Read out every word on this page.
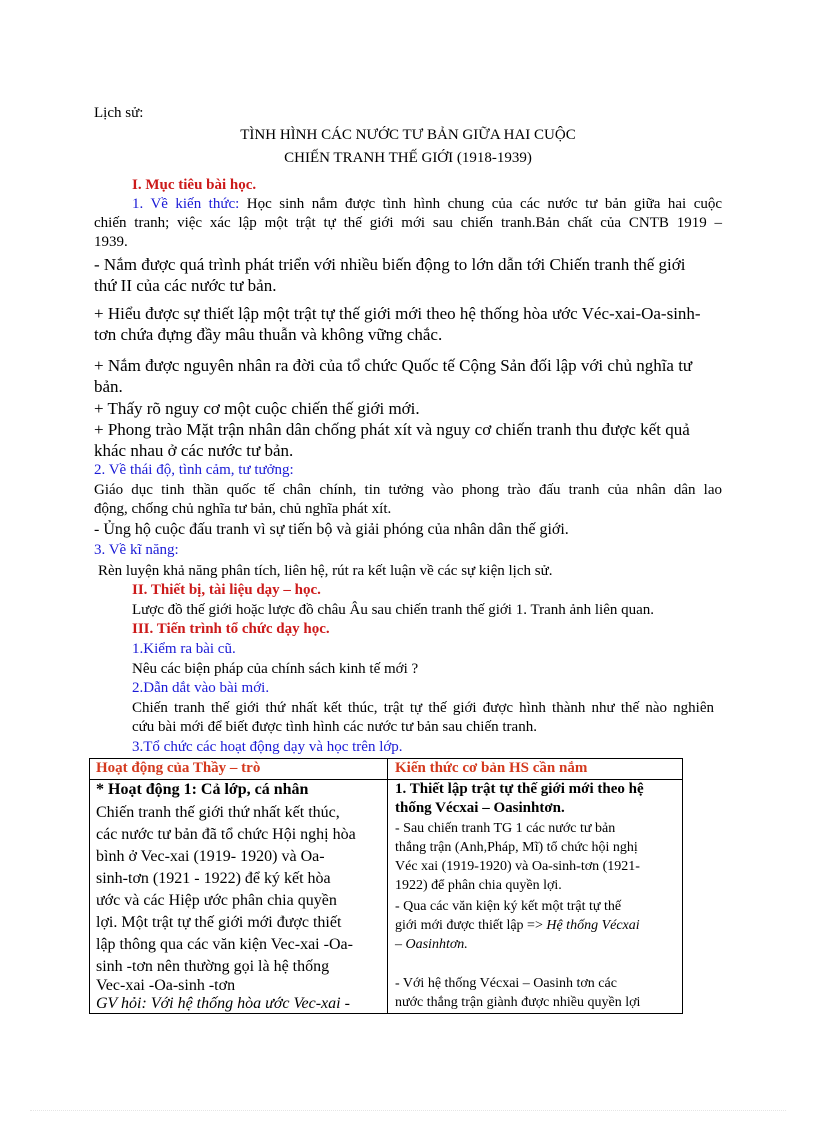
Lịch sử:
TÌNH HÌNH CÁC NƯỚC TƯ BẢN GIỮA HAI CUỘC
CHIẾN TRANH THẾ GIỚI (1918-1939)
I. Mục tiêu bài học.
1. Về kiến thức: Học sinh nắm được tình hình chung của các nước tư bản giữa hai cuộc
chiến tranh; việc xác lập một trật tự thế giới mới sau chiến tranh.Bản chất của CNTB 1919 –
1939.
- Nắm được quá trình phát triển với nhiều biến động to lớn dẫn tới Chiến tranh thế giới
thứ II của các nước tư bản.
+ Hiểu được sự thiết lập một trật tự thế giới mới theo hệ thống hòa ước Véc-xai-Oa-sinh-
tơn chứa đựng đầy mâu thuẫn và không vững chắc.
+ Nắm được nguyên nhân ra đời của tổ chức Quốc tế Cộng Sản đối lập với chủ nghĩa tư
bản.
+ Thấy rõ nguy cơ một cuộc chiến thế giới mới.
+ Phong trào Mặt trận nhân dân chống phát xít và nguy cơ chiến tranh thu được kết quả
khác nhau ở các nước tư bản.
2. Về thái độ, tình cảm, tư tưởng:
Giáo dục tinh thần quốc tế chân chính, tin tưởng vào phong trào đấu tranh của nhân dân lao
động, chống chủ nghĩa tư bản, chủ nghĩa phát xít.
- Ủng hộ cuộc đấu tranh vì sự tiến bộ và giải phóng của nhân dân thế giới.
3. Về kĩ năng:
Rèn luyện khả năng phân tích, liên hệ, rút ra kết luận về các sự kiện lịch sử.
II. Thiết bị, tài liệu dạy – học.
Lược đồ thế giới hoặc lược đồ châu Âu sau chiến tranh thế giới 1. Tranh ảnh liên quan.
III. Tiến trình tổ chức dạy học.
1.Kiểm ra bài cũ.
Nêu các biện pháp của chính sách kinh tế mới ?
2.Dẫn dắt vào bài mới.
Chiến tranh thế giới thứ nhất kết thúc, trật tự thế giới được hình thành như thế nào nghiên
cứu bài mới để biết được tình hình các nước tư bản sau chiến tranh.
3.Tổ chức các hoạt động dạy và học trên lớp.
Hoạt động của Thầy – trò	Kiến thức cơ bản HS cần nắm
* Hoạt động 1: Cả lớp, cá nhân
Chiến tranh thế giới thứ nhất kết thúc,
các nước tư bản đã tổ chức Hội nghị hòa
bình ở Vec-xai (1919- 1920) và Oa-
sinh-tơn (1921 - 1922) để ký kết hòa
ước và các Hiệp ước phân chia quyền
lợi. Một trật tự thế giới mới được thiết
lập thông qua các văn kiện Vec-xai -Oa-
sinh -tơn nên thường gọi là hệ thống
Vec-xai -Oa-sinh -tơn
GV hỏi: Với hệ thống hòa ước Vec-xai -
1. Thiết lập trật tự thế giới mới theo hệ
thống Vécxai – Oasinhtơn.
- Sau chiến tranh TG 1 các nước tư bản
thắng trận (Anh,Pháp, Mĩ) tổ chức hội nghị
Véc xai (1919-1920) và Oa-sinh-tơn (1921-
1922) để phân chia quyền lợi.
- Qua các văn kiện ký kết một trật tự thế
giới mới được thiết lập => Hệ thống Vécxai
– Oasinhtơn.
- Với hệ thống Vécxai – Oasinh tơn các
nước thắng trận giành được nhiều quyền lợi
